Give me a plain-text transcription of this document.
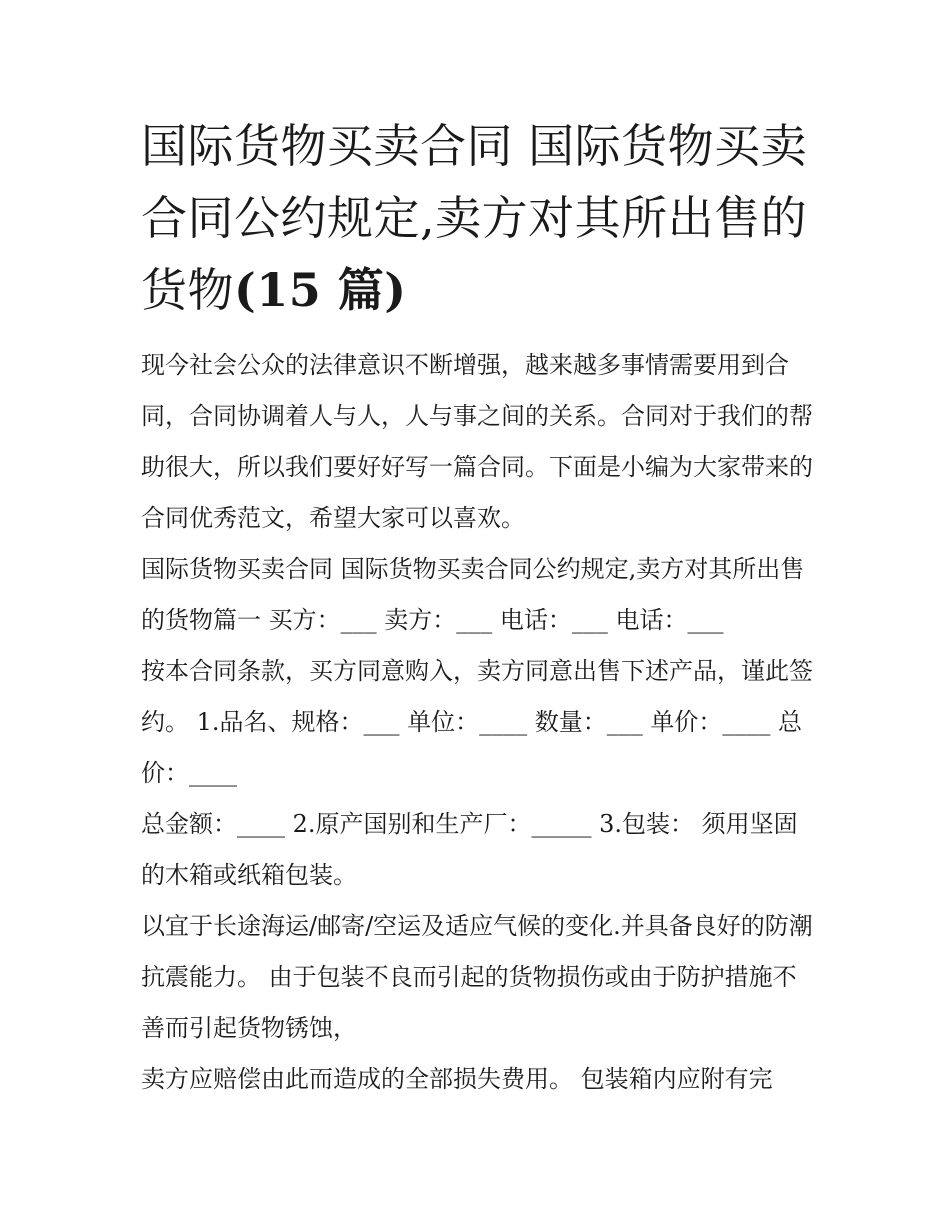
国际货物买卖合同 国际货物买卖合同公约规定,卖方对其所出售的货物(15 篇)

现今社会公众的法律意识不断增强，越来越多事情需要用到合同，合同协调着人与人，人与事之间的关系。合同对于我们的帮助很大，所以我们要好好写一篇合同。下面是小编为大家带来的合同优秀范文，希望大家可以喜欢。

国际货物买卖合同 国际货物买卖合同公约规定,卖方对其所出售的货物篇一 买方：___ 卖方：___ 电话：___ 电话：___

按本合同条款，买方同意购入，卖方同意出售下述产品，谨此签约。 1.品名、规格：___ 单位：____ 数量：___ 单价：____ 总价：____

总金额：____ 2.原产国别和生产厂：_____ 3.包装： 须用坚固的木箱或纸箱包装。

以宜于长途海运/邮寄/空运及适应气候的变化.并具备良好的防潮抗震能力。 由于包装不良而引起的货物损伤或由于防护措施不善而引起货物锈蚀，

卖方应赔偿由此而造成的全部损失费用。 包装箱内应附有完
